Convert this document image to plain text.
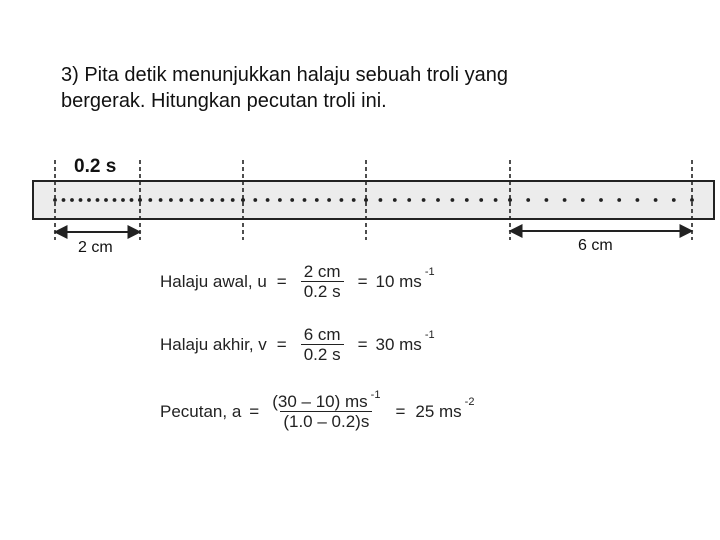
3) Pita detik menunjukkan halaju sebuah troli yang
bergerak. Hitungkan pecutan troli ini.
0.2 s
2 cm	6 cm
Halaju awal, $u = \frac{2 cm}{0.2 s} = 10$ ms -1
Halaju akhir, $v = \frac{6 cm}{0.2 s} = 30$ ms -1
Pecutan, $a = \frac{(30 - 10) ms -1}{(1.0 - 0.2)s} = 25$ ms -2
